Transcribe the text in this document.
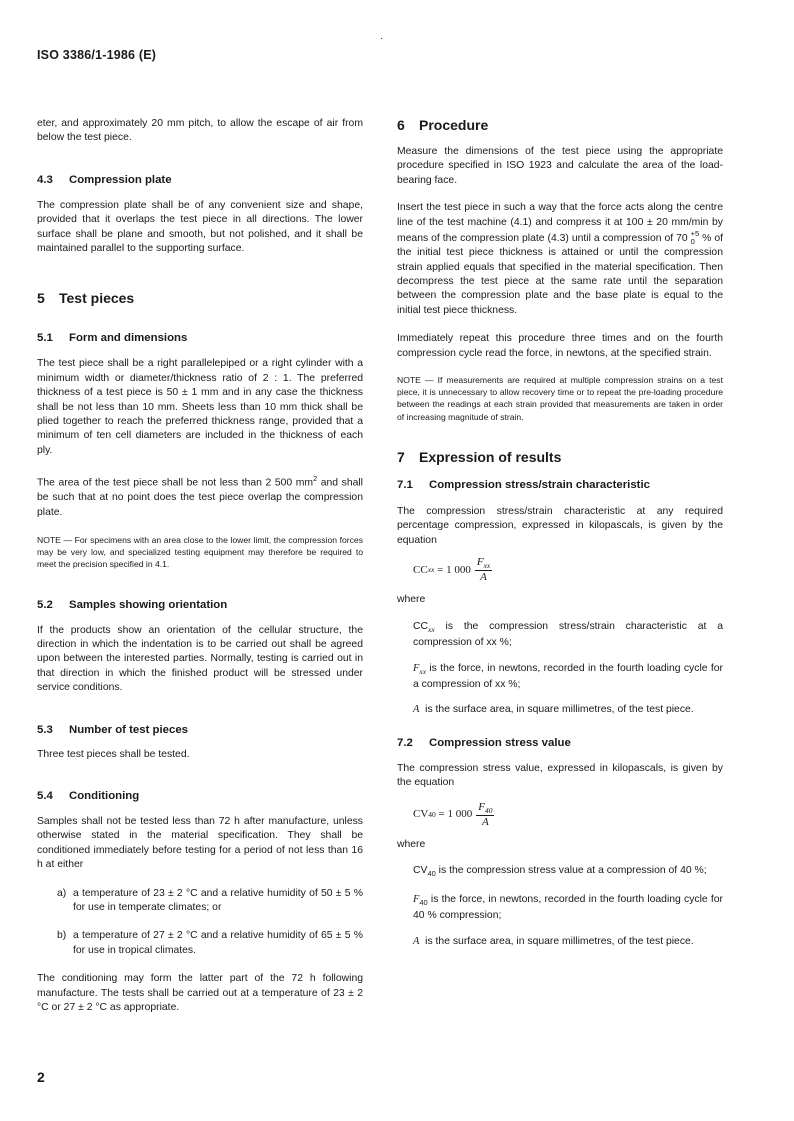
ISO 3386/1-1986 (E)
·

eter, and approximately 20 mm pitch, to allow the escape of air from below the test piece.

4.3 Compression plate

The compression plate shall be of any convenient size and shape, provided that it overlaps the test piece in all directions. The lower surface shall be plane and smooth, but not polished, and it shall be maintained parallel to the supporting surface.

5 Test pieces
5.1 Form and dimensions

The test piece shall be a right parallelepiped or a right cylinder with a minimum width or diameter/thickness ratio of 2 : 1. The preferred thickness of a test piece is 50 ± 1 mm and in any case the thickness shall be not less than 10 mm. Sheets less than 10 mm thick shall be plied together to reach the preferred thickness range, provided that a minimum of ten cell diameters are included in the thickness of each ply.

The area of the test piece shall be not less than 2 500 $mm^2$ and shall be such that at no point does the test piece overlap the compression plate.

NOTE — For specimens with an area close to the lower limit, the compression forces may be very low, and specialized testing equipment may therefore be required to meet the precision specified in 4.1.

5.2 Samples showing orientation

If the products show an orientation of the cellular structure, the direction in which the indentation is to be carried out shall be agreed upon between the interested parties. Normally, testing is carried out in that direction in which the finished product will be stressed under service conditions.

5.3 Number of test pieces

Three test pieces shall be tested.

5.4 Conditioning

Samples shall not be tested less than 72 h after manufacture, unless otherwise stated in the material specification. They shall be conditioned immediately before testing for a period of not less than 16 h at either

a) a temperature of 23 ± 2 °C and a relative humidity of 50 ± 5 % for use in temperate climates; or
b) a temperature of 27 ± 2 °C and a relative humidity of 65 ± 5 % for use in tropical climates.

The conditioning may form the latter part of the 72 h following manufacture. The tests shall be carried out at a temperature of 23 ± 2 °C or 27 ± 2 °C as appropriate.

6 Procedure

Measure the dimensions of the test piece using the appropriate procedure specified in ISO 1923 and calculate the area of the load-bearing face.

Insert the test piece in such a way that the force acts along the centre line of the test machine (4.1) and compress it at 100 ± 20 mm/min by means of the compression plate (4.3) until a compression of 70 +5
0 % of the initial test piece thickness is attained or until the compression strain applied equals that specified in the material specification. Then decompress the test piece at the same rate until the separation between the compression plate and the base plate is equal to the initial test piece thickness.

Immediately repeat this procedure three times and on the fourth compression cycle read the force, in newtons, at the specified strain.

NOTE — If measurements are required at multiple compression strains on a test piece, it is unnecessary to allow recovery time or to repeat the pre-loading procedure between the readings at each strain provided that measurements are taken in order of increasing magnitude of strain.

7 Expression of results
7.1 Compression stress/strain characteristic

The compression stress/strain characteristic at any required percentage compression, expressed in kilopascals, is given by the equation

CC xx
= 1 $000 \frac{F_{xx}}{A}$

where

$CC_{xx}$ is the compression stress/strain characteristic at a compression of xx %;
$F_{xx}$ is the force, in newtons, recorded in the fourth loading cycle for a compression of xx %;
A is the surface area, in square millimetres, of the test piece.
7.2 Compression stress value

The compression stress value, expressed in kilopascals, is given by the equation

CV 40
= 1 $000 \frac{F_{40}}{A}$

where

$CV_{40}$ is the compression stress value at a compression of 40 %;
$F_{40}$ is the force, in newtons, recorded in the fourth loading cycle for 40 % compression;
A is the surface area, in square millimetres, of the test piece.
2
